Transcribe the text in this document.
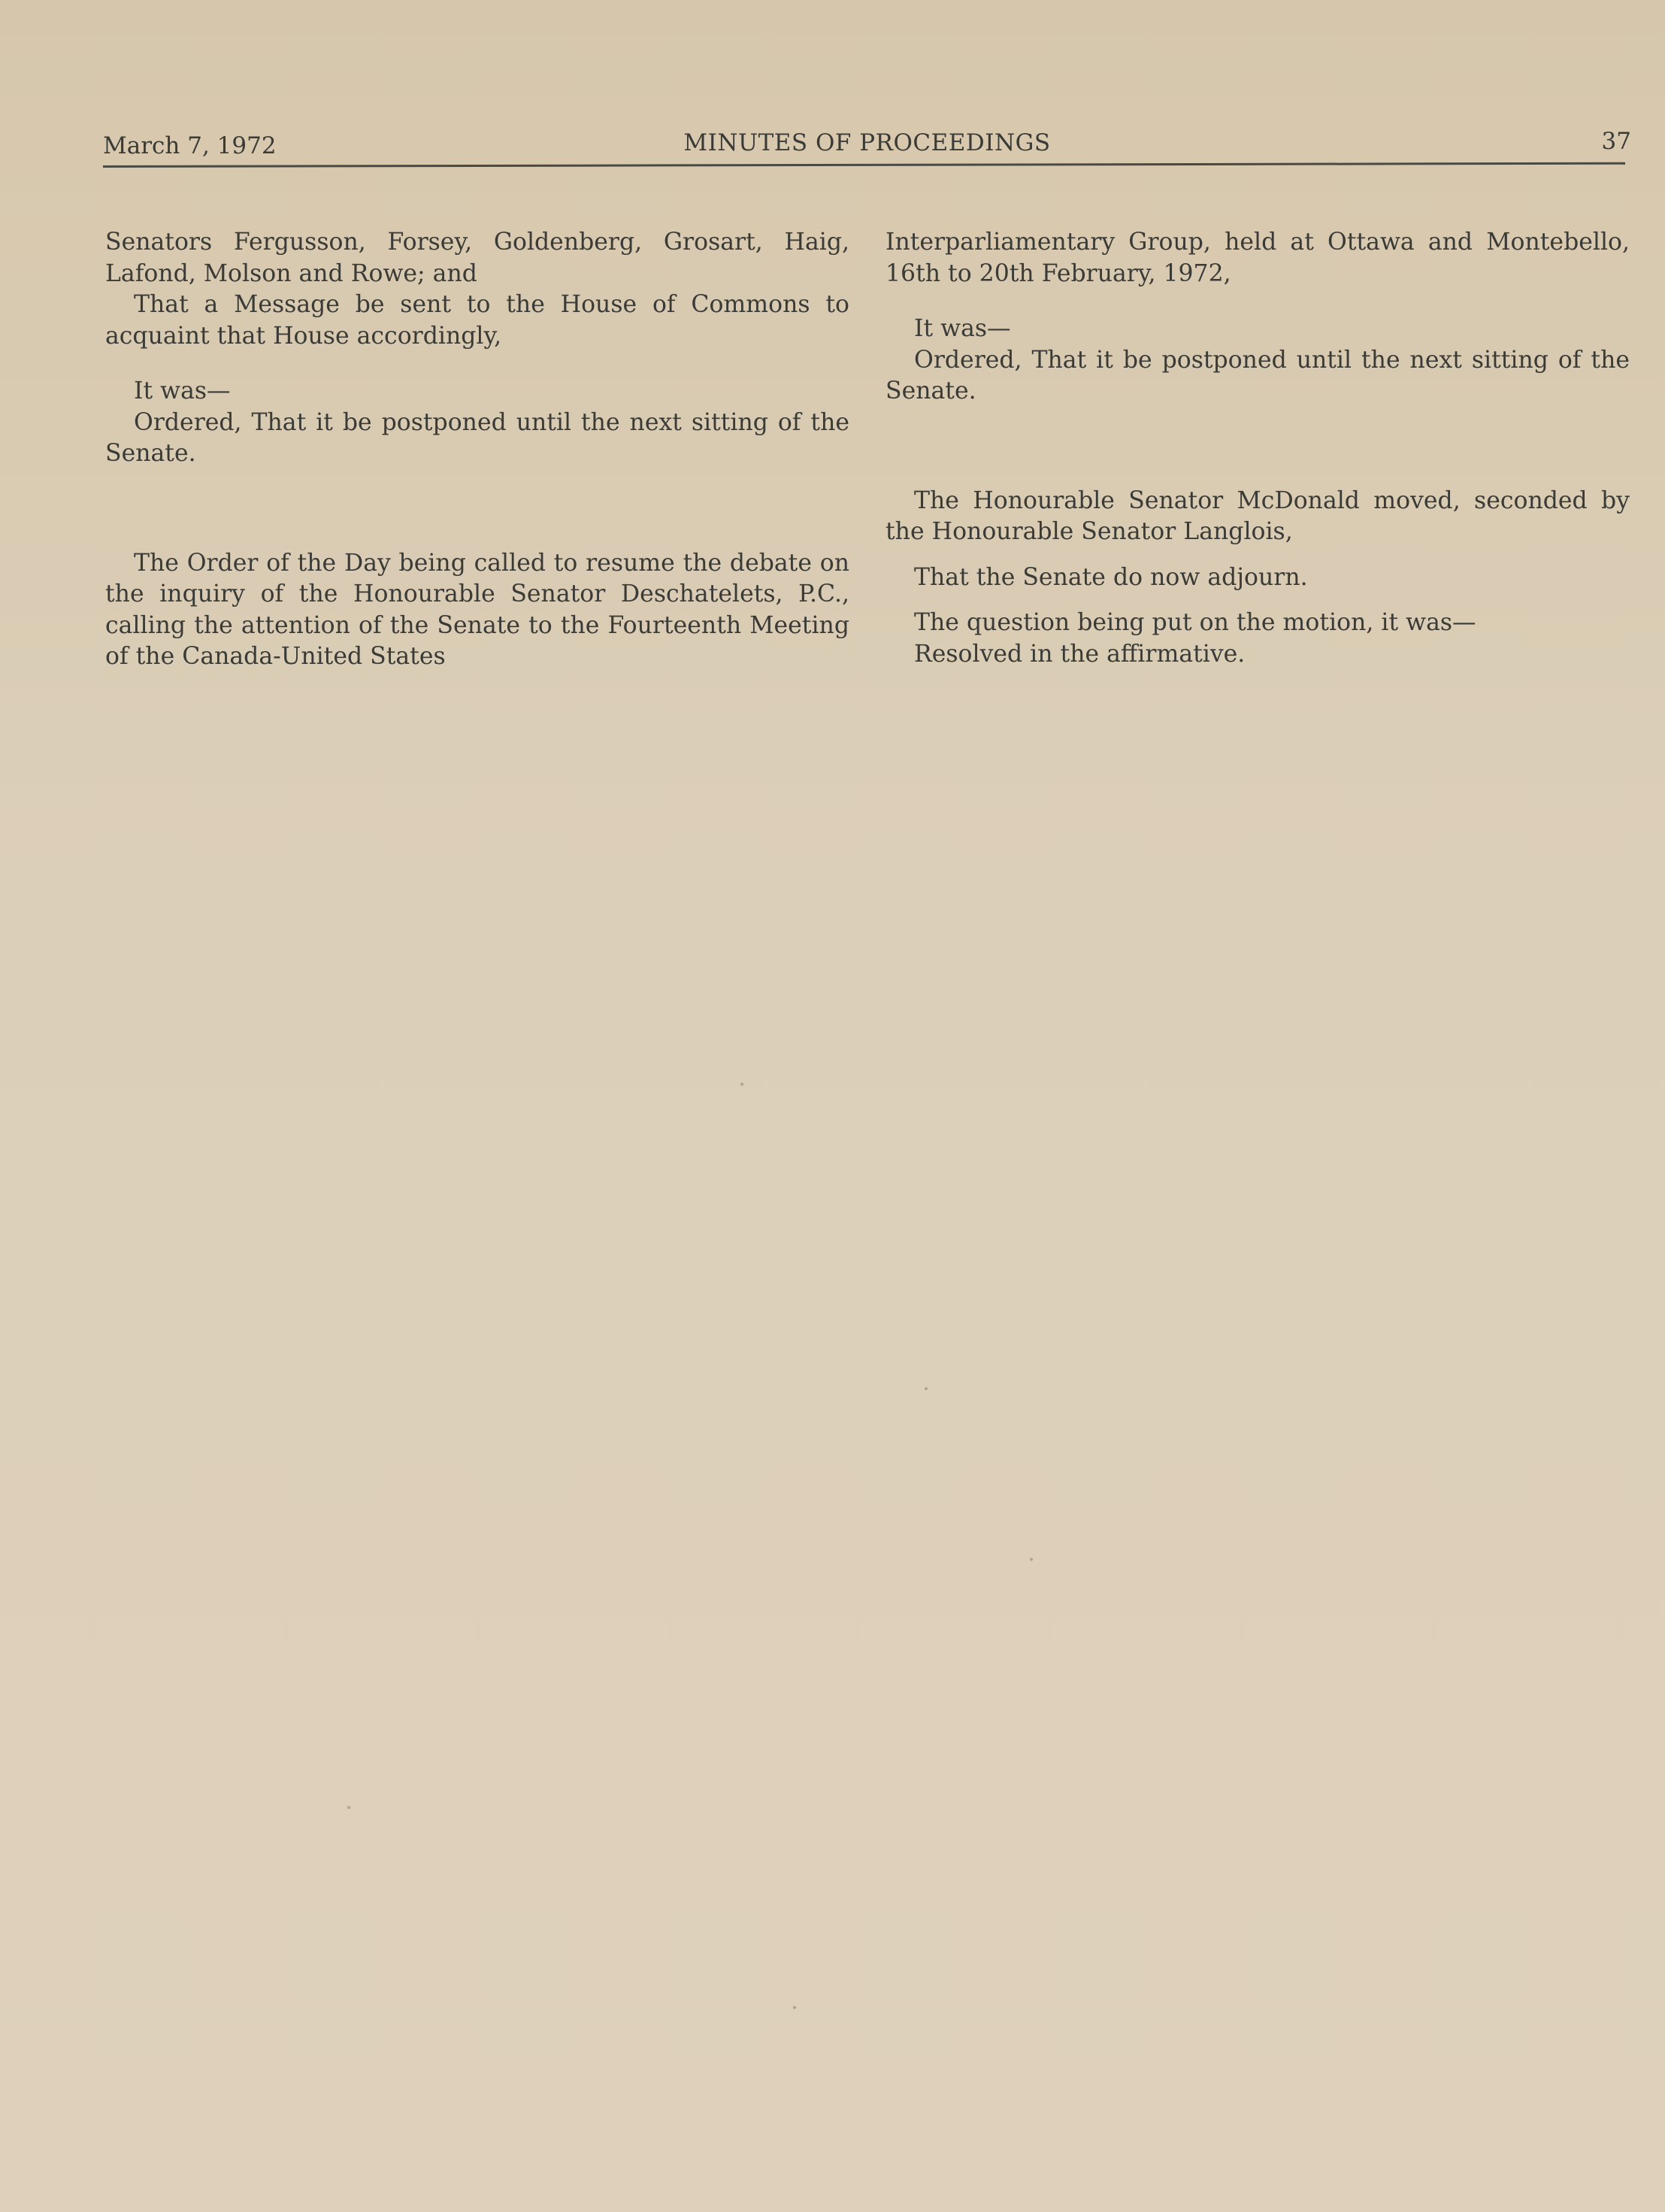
March 7, 1972	MINUTES OF PROCEEDINGS	37

Senators Fergusson, Forsey, Goldenberg, Grosart, Haig, Lafond, Molson and Rowe; and

That a Message be sent to the House of Commons to acquaint that House accordingly,

It was—

Ordered, That it be postponed until the next sitting of the Senate.

The Order of the Day being called to resume the debate on the inquiry of the Honourable Senator Deschatelets, P.C., calling the attention of the Senate to the Fourteenth Meeting of the Canada-United States

Interparliamentary Group, held at Ottawa and Montebello, 16th to 20th February, 1972,

It was—

Ordered, That it be postponed until the next sitting of the Senate.

The Honourable Senator McDonald moved, seconded by the Honourable Senator Langlois,

That the Senate do now adjourn.

The question being put on the motion, it was—

Resolved in the affirmative.
